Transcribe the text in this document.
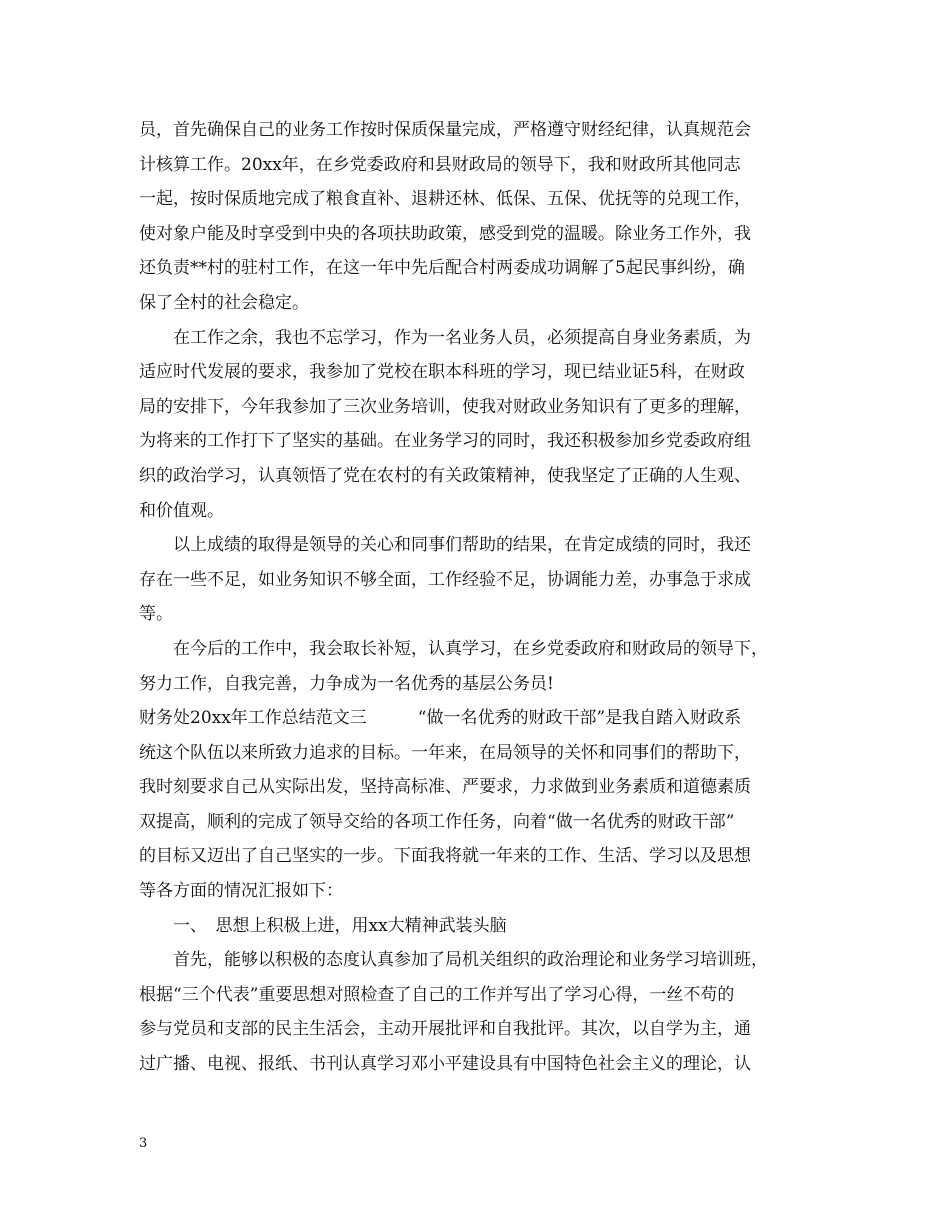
员，首先确保自己的业务工作按时保质保量完成，严格遵守财经纪律，认真规范会
计核算工作。20xx年，在乡党委政府和县财政局的领导下，我和财政所其他同志
一起，按时保质地完成了粮食直补、退耕还林、低保、五保、优抚等的兑现工作，
使对象户能及时享受到中央的各项扶助政策，感受到党的温暖。除业务工作外，我
还负责**村的驻村工作，在这一年中先后配合村两委成功调解了5起民事纠纷，确
保了全村的社会稳定。
在工作之余，我也不忘学习，作为一名业务人员，必须提高自身业务素质，为
适应时代发展的要求，我参加了党校在职本科班的学习，现已结业证5科，在财政
局的安排下，今年我参加了三次业务培训，使我对财政业务知识有了更多的理解，
为将来的工作打下了坚实的基础。在业务学习的同时，我还积极参加乡党委政府组
织的政治学习，认真领悟了党在农村的有关政策精神，使我坚定了正确的人生观、
和价值观。
以上成绩的取得是领导的关心和同事们帮助的结果，在肯定成绩的同时，我还
存在一些不足，如业务知识不够全面，工作经验不足，协调能力差，办事急于求成
等。
在今后的工作中，我会取长补短，认真学习，在乡党委政府和财政局的领导下，
努力工作，自我完善，力争成为一名优秀的基层公务员!
财务处20xx年工作总结范文三　　　“做一名优秀的财政干部”是我自踏入财政系
统这个队伍以来所致力追求的目标。一年来，在局领导的关怀和同事们的帮助下，
我时刻要求自己从实际出发，坚持高标准、严要求，力求做到业务素质和道德素质
双提高，顺利的完成了领导交给的各项工作任务，向着“做一名优秀的财政干部”
的目标又迈出了自己坚实的一步。下面我将就一年来的工作、生活、学习以及思想
等各方面的情况汇报如下：
一、　思想上积极上进，用xx大精神武装头脑
首先，能够以积极的态度认真参加了局机关组织的政治理论和业务学习培训班，
根据“三个代表”重要思想对照检查了自己的工作并写出了学习心得，一丝不苟的
参与党员和支部的民主生活会，主动开展批评和自我批评。其次，以自学为主，通
过广播、电视、报纸、书刊认真学习邓小平建设具有中国特色社会主义的理论，认
3
